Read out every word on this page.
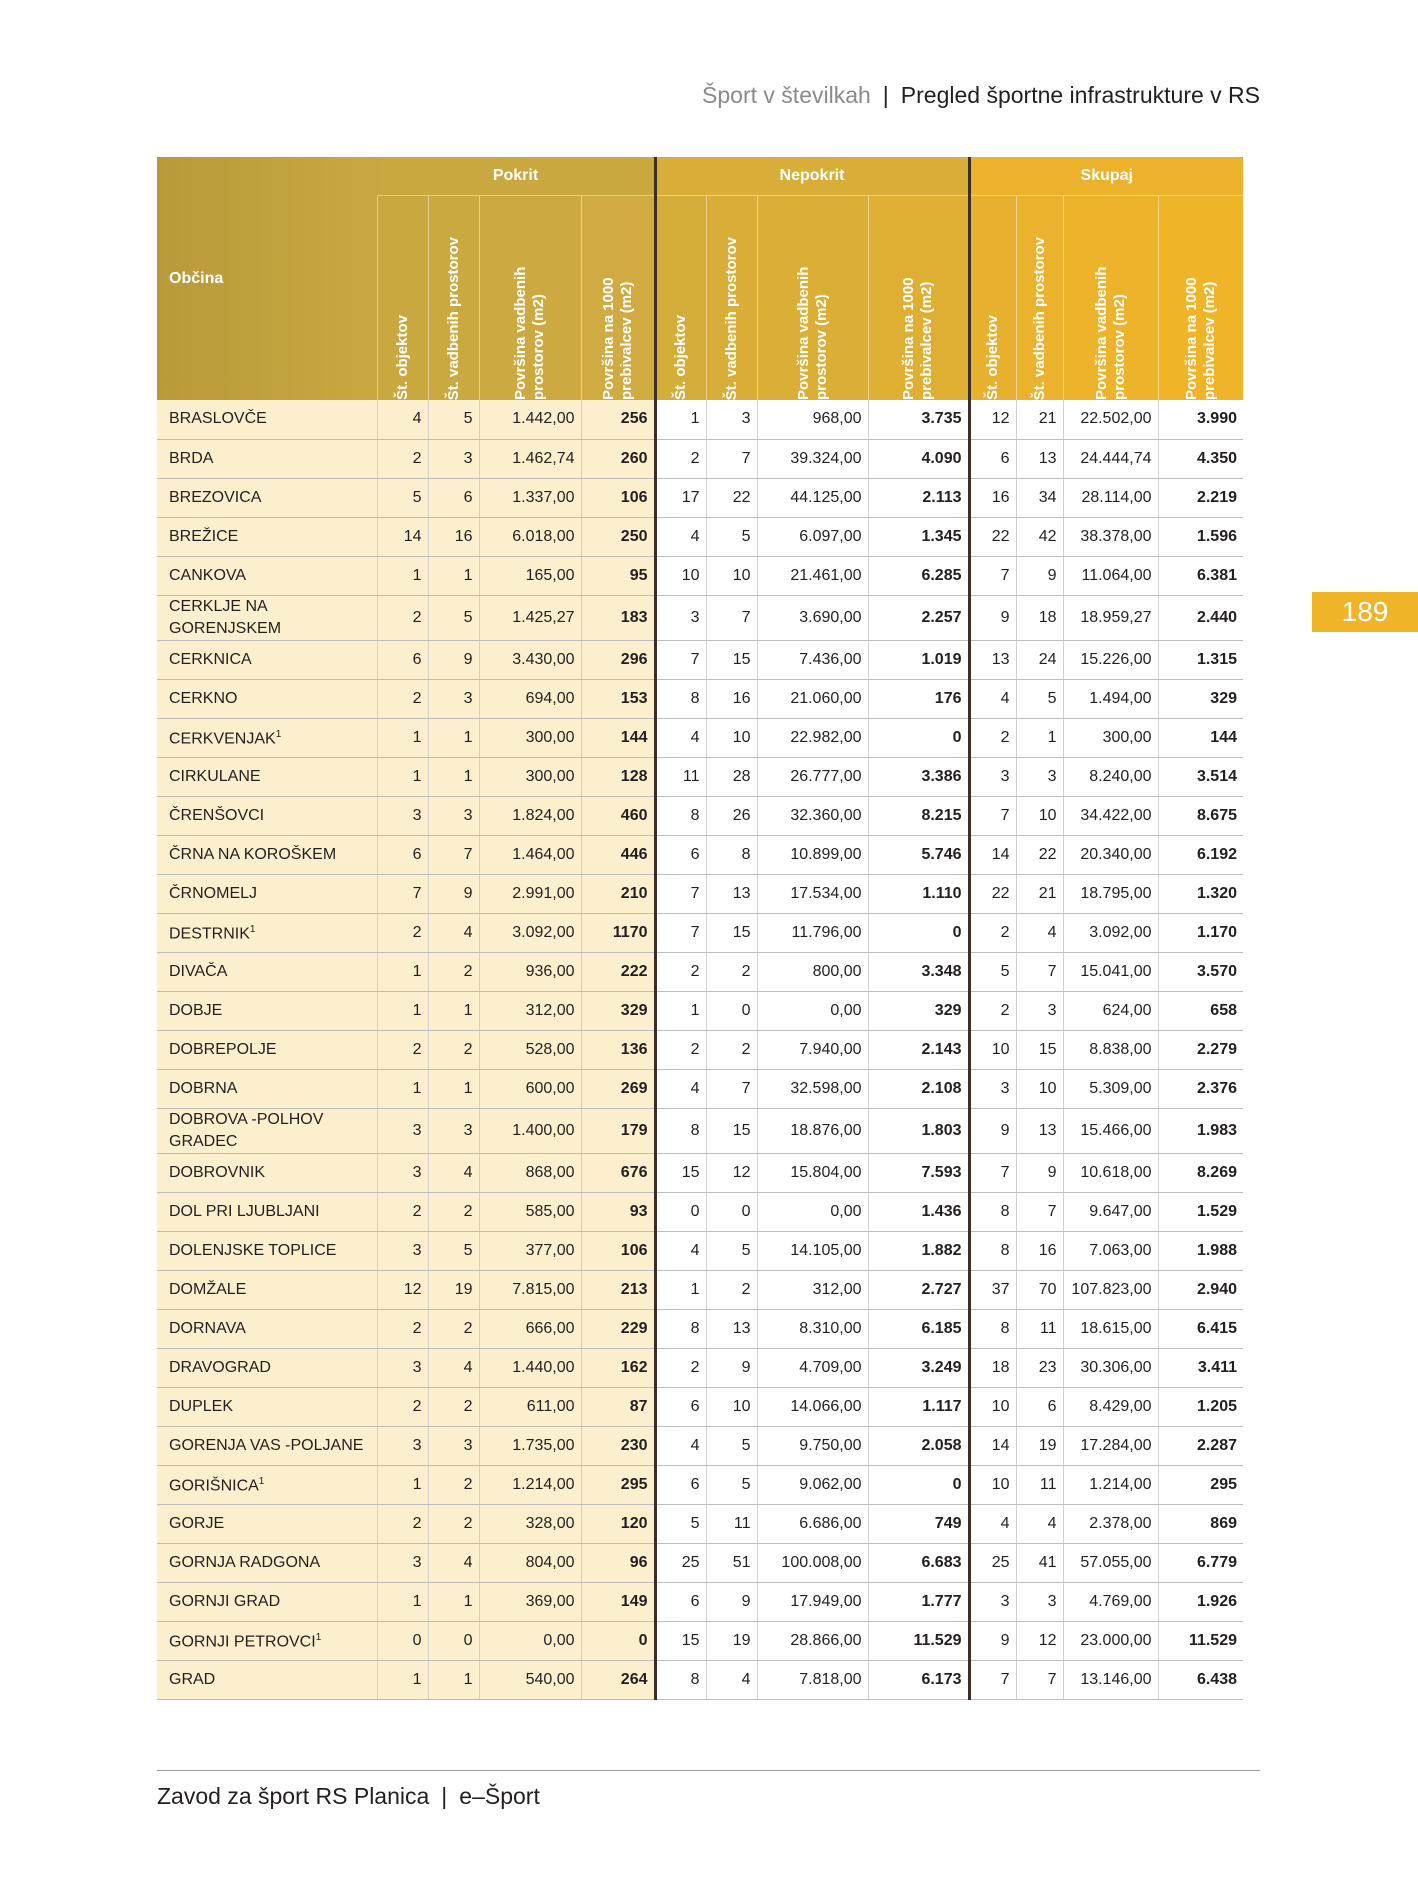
Šport v številkah | Pregled športne infrastrukture v RS
189
Občina	Pokrit				Nepokrit				Skupaj			

	Št. objektov	Št. vadbenih prostorov	Površina vadbenih prostorov (m2)	Površina na 1000 prebivalcev (m2)	Št. objektov	Št. vadbenih prostorov	Površina vadbenih prostorov (m2)	Površina na 1000 prebivalcev (m2)	Št. objektov	Št. vadbenih prostorov	Površina vadbenih prostorov (m2)	Površina na 1000 prebivalcev (m2)

BRASLOVČE	4	5	1.442,00	256	1	3	968,00	3.735	12	21	22.502,00	3.990
BRDA	2	3	1.462,74	260	2	7	39.324,00	4.090	6	13	24.444,74	4.350
BREZOVICA	5	6	1.337,00	106	17	22	44.125,00	2.113	16	34	28.114,00	2.219
BREŽICE	14	16	6.018,00	250	4	5	6.097,00	1.345	22	42	38.378,00	1.596
CANKOVA	1	1	165,00	95	10	10	21.461,00	6.285	7	9	11.064,00	6.381
CERKLJE NA GORENJSKEM	2	5	1.425,27	183	3	7	3.690,00	2.257	9	18	18.959,27	2.440
CERKNICA	6	9	3.430,00	296	7	15	7.436,00	1.019	13	24	15.226,00	1.315
CERKNO	2	3	694,00	153	8	16	21.060,00	176	4	5	1.494,00	329
CERKVENJAK$^1$	1	1	300,00	144	4	10	22.982,00	0	2	1	300,00	144
CIRKULANE	1	1	300,00	128	11	28	26.777,00	3.386	3	3	8.240,00	3.514
ČRENŠOVCI	3	3	1.824,00	460	8	26	32.360,00	8.215	7	10	34.422,00	8.675
ČRNA NA KOROŠKEM	6	7	1.464,00	446	6	8	10.899,00	5.746	14	22	20.340,00	6.192
ČRNOMELJ	7	9	2.991,00	210	7	13	17.534,00	1.110	22	21	18.795,00	1.320
DESTRNIK$^1$	2	4	3.092,00	1170	7	15	11.796,00	0	2	4	3.092,00	1.170
DIVAČA	1	2	936,00	222	2	2	800,00	3.348	5	7	15.041,00	3.570
DOBJE	1	1	312,00	329	1	0	0,00	329	2	3	624,00	658
DOBREPOLJE	2	2	528,00	136	2	2	7.940,00	2.143	10	15	8.838,00	2.279
DOBRNA	1	1	600,00	269	4	7	32.598,00	2.108	3	10	5.309,00	2.376
DOBROVA -POLHOV GRADEC	3	3	1.400,00	179	8	15	18.876,00	1.803	9	13	15.466,00	1.983
DOBROVNIK	3	4	868,00	676	15	12	15.804,00	7.593	7	9	10.618,00	8.269
DOL PRI LJUBLJANI	2	2	585,00	93	0	0	0,00	1.436	8	7	9.647,00	1.529
DOLENJSKE TOPLICE	3	5	377,00	106	4	5	14.105,00	1.882	8	16	7.063,00	1.988
DOMŽALE	12	19	7.815,00	213	1	2	312,00	2.727	37	70	107.823,00	2.940
DORNAVA	2	2	666,00	229	8	13	8.310,00	6.185	8	11	18.615,00	6.415
DRAVOGRAD	3	4	1.440,00	162	2	9	4.709,00	3.249	18	23	30.306,00	3.411
DUPLEK	2	2	611,00	87	6	10	14.066,00	1.117	10	6	8.429,00	1.205
GORENJA VAS -POLJANE	3	3	1.735,00	230	4	5	9.750,00	2.058	14	19	17.284,00	2.287
GORIŠNICA$^1$	1	2	1.214,00	295	6	5	9.062,00	0	10	11	1.214,00	295
GORJE	2	2	328,00	120	5	11	6.686,00	749	4	4	2.378,00	869
GORNJA RADGONA	3	4	804,00	96	25	51	100.008,00	6.683	25	41	57.055,00	6.779
GORNJI GRAD	1	1	369,00	149	6	9	17.949,00	1.777	3	3	4.769,00	1.926
GORNJI PETROVCI$^1$	0	0	0,00	0	15	19	28.866,00	11.529	9	12	23.000,00	11.529
GRAD	1	1	540,00	264	8	4	7.818,00	6.173	7	7	13.146,00	6.438
Zavod za šport RS Planica | e–Šport
